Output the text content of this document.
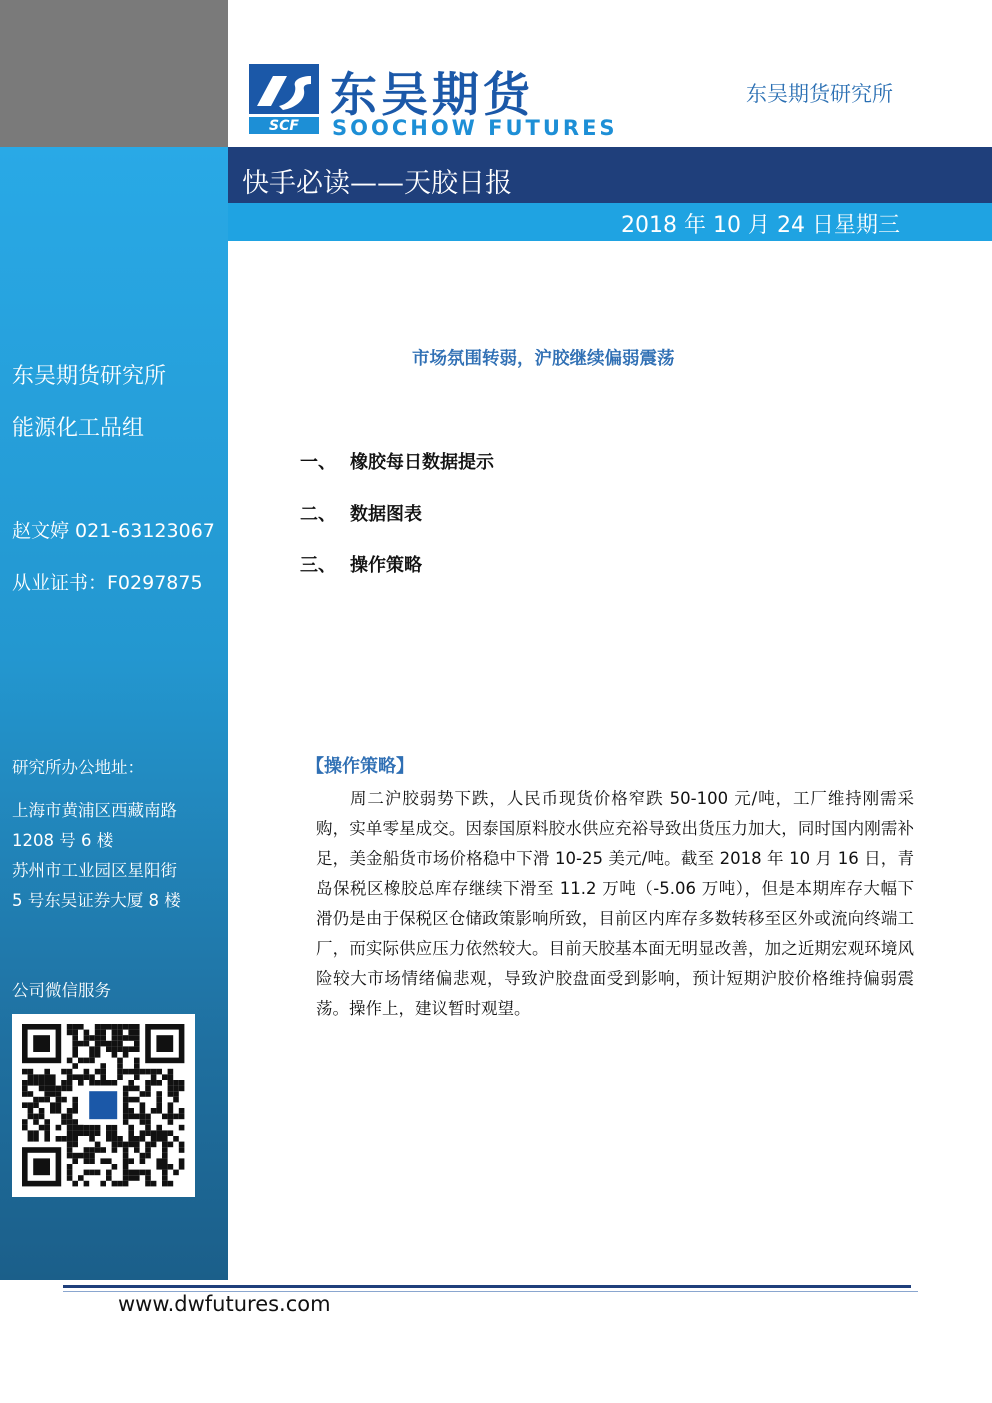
东吴期货研究所
能源化工品组
赵文婷 021-63123067
从业证书：F0297875
研究所办公地址：
上海市黄浦区西藏南路
1208 号 6 楼
苏州市工业园区星阳街
5 号东吴证券大厦 8 楼
公司微信服务
SCF
东吴期货
SOOCHOW FUTURES
东吴期货研究所
快手必读——天胶日报
2018 年 10 月 24 日星期三
市场氛围转弱，沪胶继续偏弱震荡
一、 橡胶每日数据提示
二、 数据图表
三、 操作策略
【操作策略】

周二沪胶弱势下跌，人民币现货价格窄跌 50-100 元/吨，工厂维持刚需采购，实单零星成交。因泰国原料胶水供应充裕导致出货压力加大，同时国内刚需补足，美金船货市场价格稳中下滑 10-25 美元/吨。截至 2018 年 10 月 16 日，青岛保税区橡胶总库存继续下滑至 11.2 万吨（-5.06 万吨），但是本期库存大幅下滑仍是由于保税区仓储政策影响所致，目前区内库存多数转移至区外或流向终端工厂，而实际供应压力依然较大。目前天胶基本面无明显改善，加之近期宏观环境风险较大市场情绪偏悲观，导致沪胶盘面受到影响，预计短期沪胶价格维持偏弱震荡。操作上，建议暂时观望。

www.dwfutures.com
